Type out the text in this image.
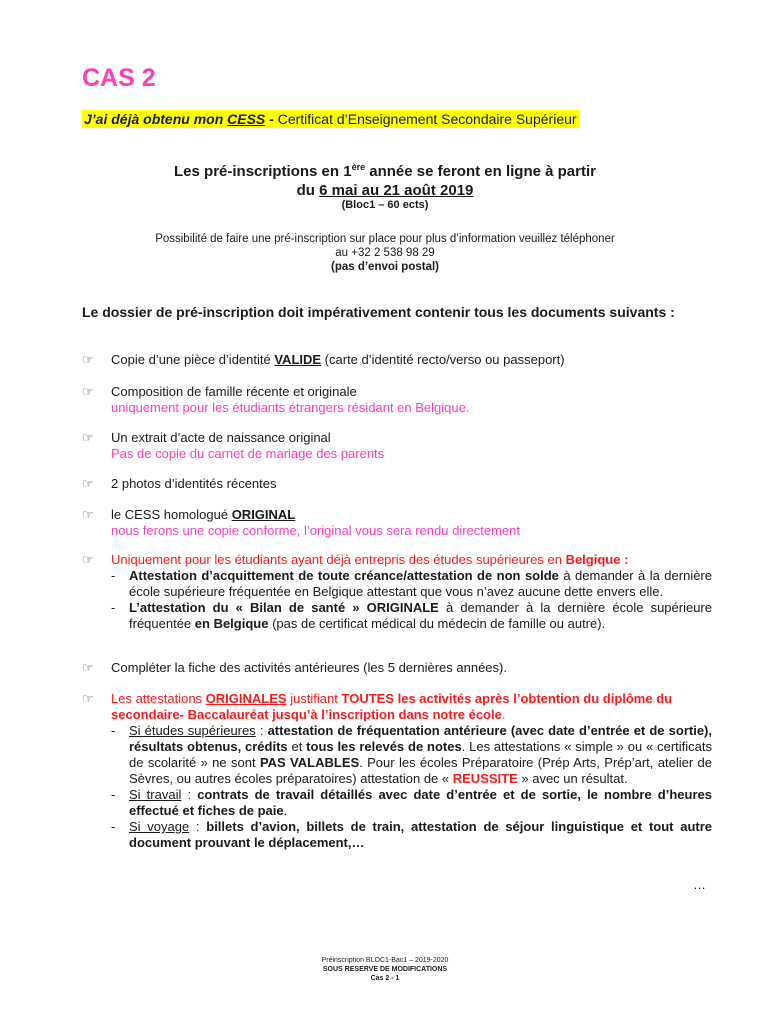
CAS 2
J’ai déjà obtenu mon CESS - Certificat d’Enseignement Secondaire Supérieur
Les pré-inscriptions en 1ère année se feront en ligne à partir
du 6 mai au 21 août 2019
(Bloc1 – 60 ects)
Possibilité de faire une pré-inscription sur place pour plus d’information veuillez téléphoner
au +32 2 538 98 29
(pas d’envoi postal)
Le dossier de pré-inscription doit impérativement contenir tous les documents suivants :
☞	Copie d’une pièce d’identité VALIDE (carte d’identité recto/verso ou passeport)
☞	Composition de famille récente et originale
uniquement pour les étudiants étrangers résidant en Belgique.
☞	Un extrait d’acte de naissance original
Pas de copie du carnet de mariage des parents
☞	2 photos d’identités récentes
☞	le CESS homologué ORIGINAL
nous ferons une copie conforme, l’original vous sera rendu directement
☞	Uniquement pour les étudiants ayant déjà entrepris des études supérieures en Belgique :
- Attestation d’acquittement de toute créance/attestation de non solde à demander à la dernière école supérieure fréquentée en Belgique attestant que vous n’avez aucune dette envers elle.
- L’attestation du « Bilan de santé » ORIGINALE à demander à la dernière école supérieure fréquentée en Belgique (pas de certificat médical du médecin de famille ou autre).
☞	Compléter la fiche des activités antérieures (les 5 dernières années).
☞	Les attestations ORIGINALES justifiant TOUTES les activités après l’obtention du diplôme du secondaire- Baccalauréat jusqu’à l’inscription dans notre école.
- Si études supérieures : attestation de fréquentation antérieure (avec date d’entrée et de sortie), résultats obtenus, crédits et tous les relevés de notes. Les attestations « simple » ou « certificats de scolarité » ne sont PAS VALABLES. Pour les écoles Préparatoire (Prép Arts, Prép’art, atelier de Sèvres, ou autres écoles préparatoires) attestation de « REUSSITE » avec un résultat.
- Si travail : contrats de travail détaillés avec date d’entrée et de sortie, le nombre d’heures effectué et fiches de paie.
- Si voyage : billets d’avion, billets de train, attestation de séjour linguistique et tout autre document prouvant le déplacement,…
…
Préinscription BLOC1-Bac1 – 2019-2020
SOUS RESERVE DE MODIFICATIONS
Cas 2 - 1
